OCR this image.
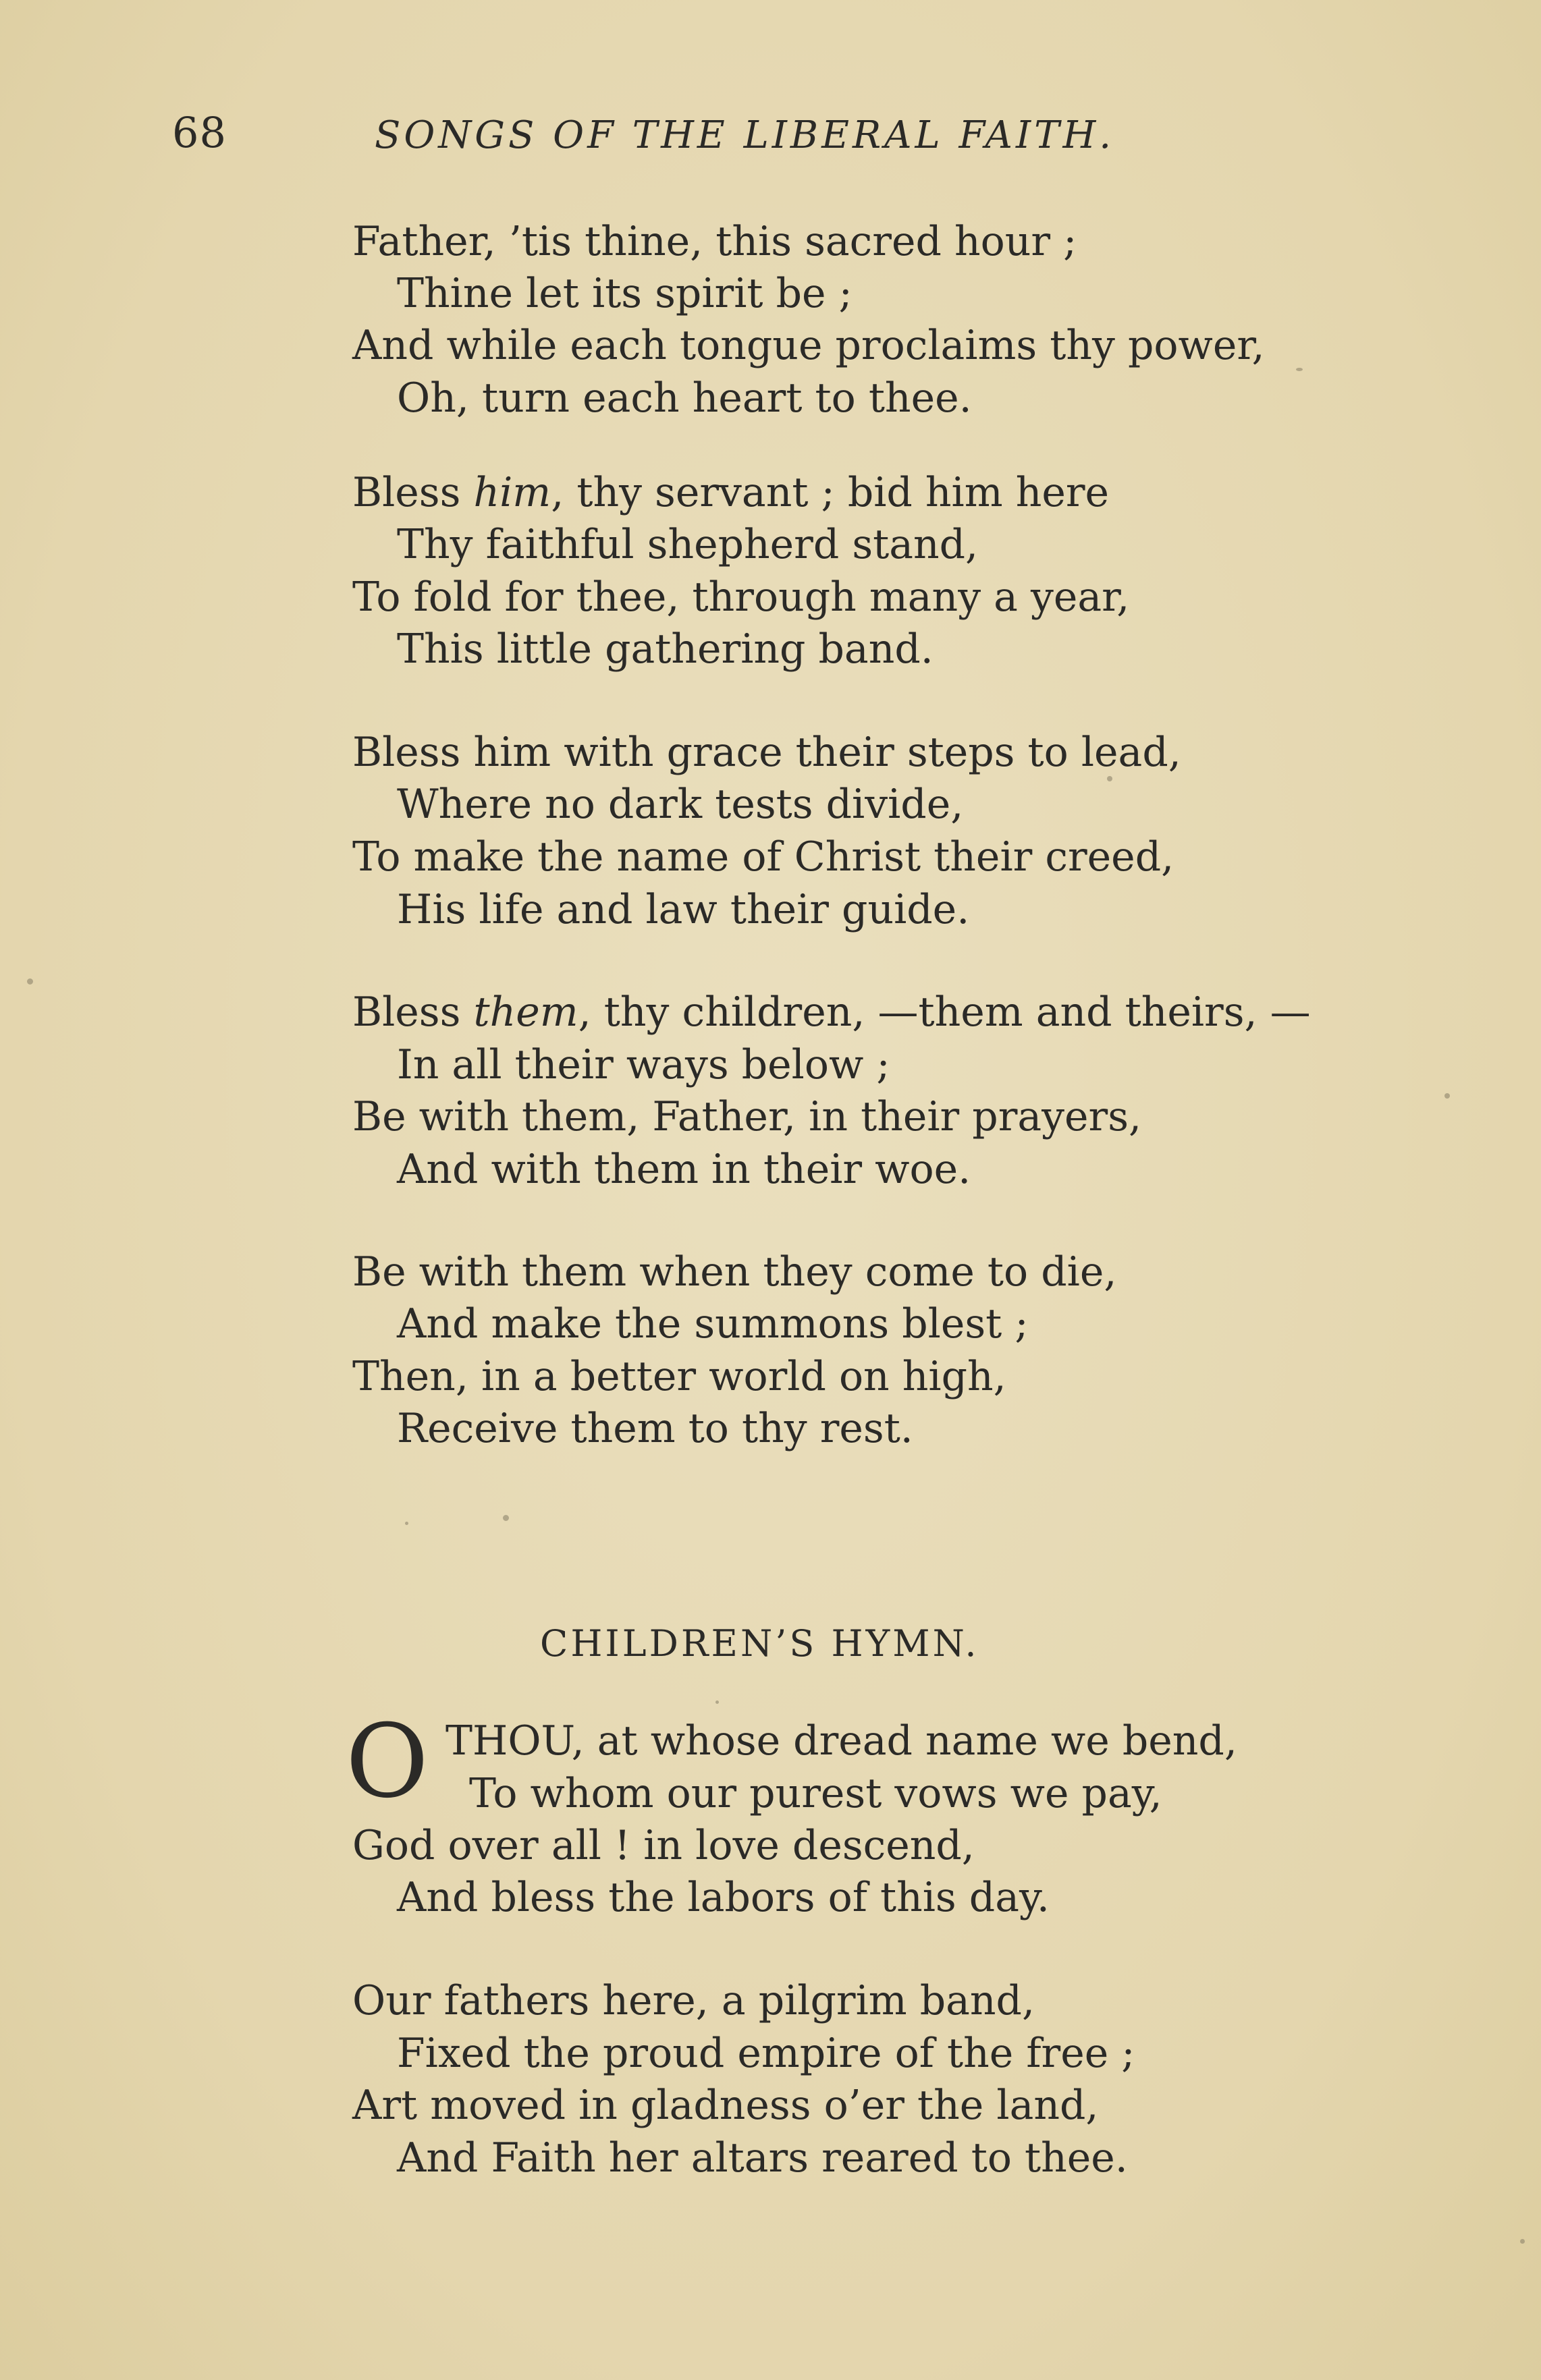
68	SONGS OF THE LIBERAL FAITH.
Father, ’tis thine, this sacred hour ;
Thine let its spirit be ;
And while each tongue proclaims thy power,
Oh, turn each heart to thee.
Bless him, thy servant ; bid him here
Thy faithful shepherd stand,
To fold for thee, through many a year,
This little gathering band.
Bless him with grace their steps to lead,
Where no dark tests divide,
To make the name of Christ their creed,
His life and law their guide.
Bless them, thy children, —them and theirs, —
In all their ways below ;
Be with them, Father, in their prayers,
And with them in their woe.
Be with them when they come to die,
And make the summons blest ;
Then, in a better world on high,
Receive them to thy rest.
CHILDREN’S HYMN.
O THOU, at whose dread name we bend,
To whom our purest vows we pay,
God over all ! in love descend,
And bless the labors of this day.
Our fathers here, a pilgrim band,
Fixed the proud empire of the free ;
Art moved in gladness o’er the land,
And Faith her altars reared to thee.
